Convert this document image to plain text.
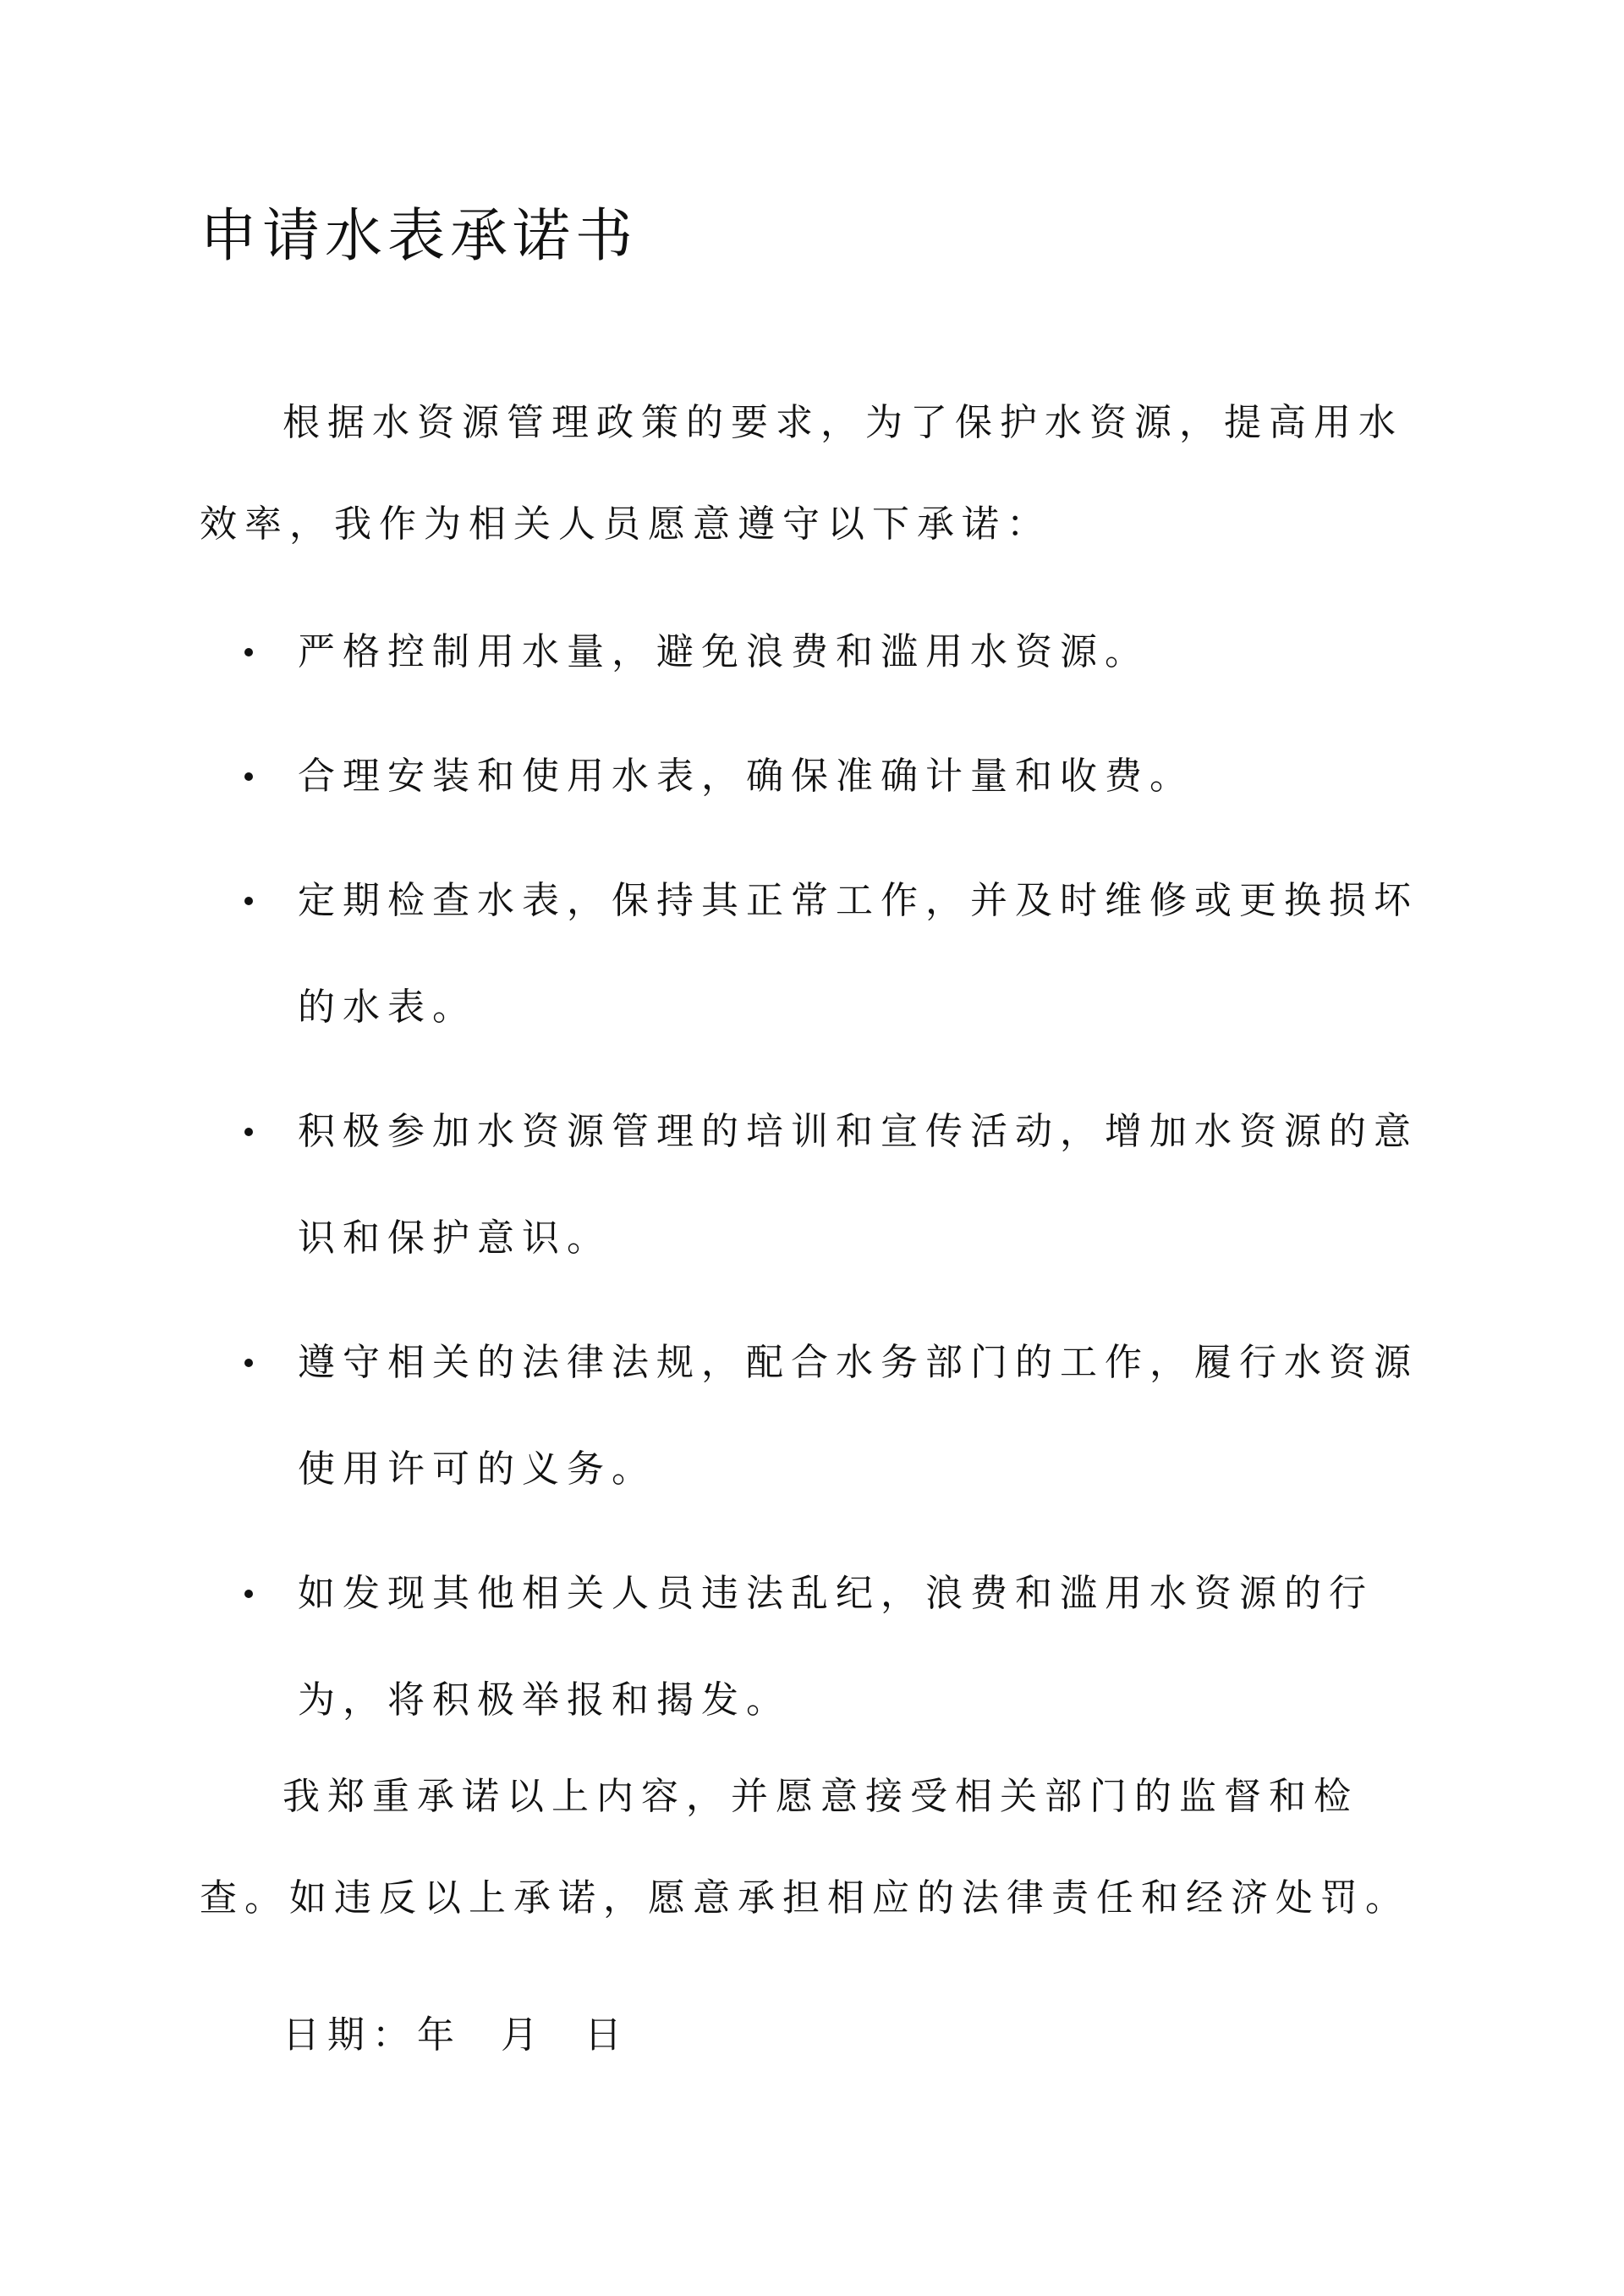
申请水表承诺书

根据水资源管理政策的要求，为了保护水资源，提高用水效率，我作为相关人员愿意遵守以下承诺：

严格控制用水量，避免浪费和滥用水资源。
合理安装和使用水表，确保准确计量和收费。
定期检查水表，保持其正常工作，并及时维修或更换损坏的水表。
积极参加水资源管理的培训和宣传活动，增加水资源的意识和保护意识。
遵守相关的法律法规，配合水务部门的工作，履行水资源使用许可的义务。
如发现其他相关人员违法乱纪，浪费和滥用水资源的行为，将积极举报和揭发。

我郑重承诺以上内容，并愿意接受相关部门的监督和检查。如违反以上承诺，愿意承担相应的法律责任和经济处罚。

日期：年  月  日
